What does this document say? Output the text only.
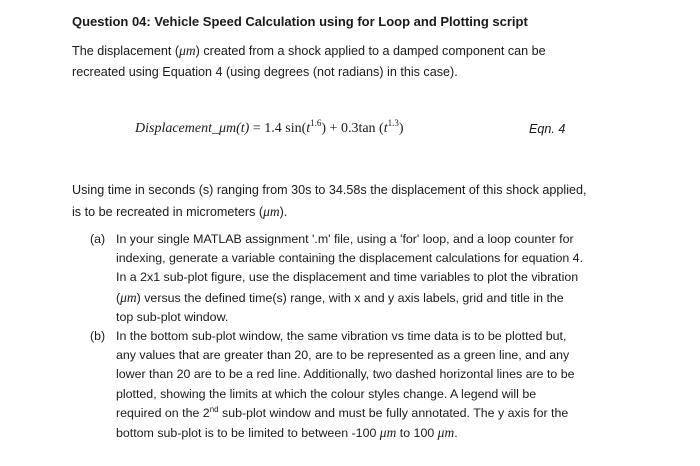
Question 04: Vehicle Speed Calculation using for Loop and Plotting script
The displacement (μm) created from a shock applied to a damped component can be
recreated using Equation 4 (using degrees (not radians) in this case).
Displacement_μm(t) = 1.4 $\sin(t^{1.6}) + 0.3\tan$ $(t^{1.3})$	Eqn. 4
Using time in seconds (s) ranging from 30s to 34.58s the displacement of this shock applied,
is to be recreated in micrometers (μm).
(a) In your single MATLAB assignment '.m' file, using a 'for' loop, and a loop counter for
indexing, generate a variable containing the displacement calculations for equation 4.
In a 2x1 sub-plot figure, use the displacement and time variables to plot the vibration
(μm) versus the defined time(s) range, with x and y axis labels, grid and title in the
top sub-plot window.
(b) In the bottom sub-plot window, the same vibration vs time data is to be plotted but,
any values that are greater than 20, are to be represented as a green line, and any
lower than 20 are to be a red line. Additionally, two dashed horizontal lines are to be
plotted, showing the limits at which the colour styles change. A legend will be
required on the 2nd sub-plot window and must be fully annotated. The y axis for the
bottom sub-plot is to be limited to between -100 μm to 100 μm.
